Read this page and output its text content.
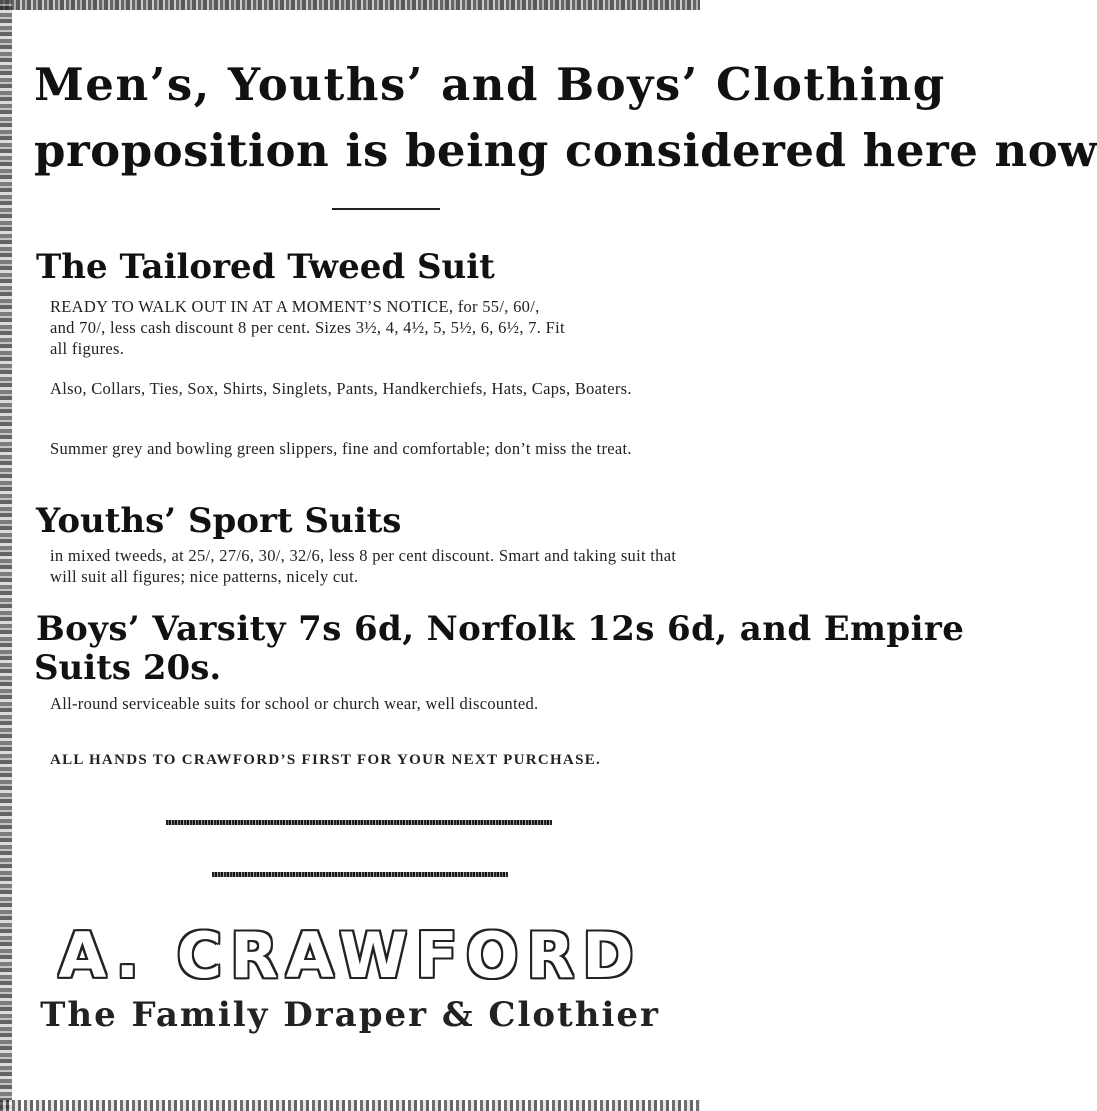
Men’s, Youths’ and Boys’ Clothing
proposition is being considered here now
The Tailored Tweed Suit
READY TO WALK OUT IN AT A MOMENT’S NOTICE, for 55/, 60/,
and 70/, less cash discount 8 per cent. Sizes 3½, 4, 4½, 5, 5½, 6, 6½, 7. Fit
all figures.
Also, Collars, Ties, Sox, Shirts, Singlets, Pants, Handkerchiefs, Hats, Caps, Boaters.
Summer grey and bowling green slippers, fine and comfortable; don’t miss the treat.
Youths’ Sport Suits
in mixed tweeds, at 25/, 27/6, 30/, 32/6, less 8 per cent discount. Smart and taking suit that will suit all figures; nice patterns, nicely cut.
Boys’ Varsity 7s 6d, Norfolk 12s 6d, and Empire
Suits 20s.
All-round serviceable suits for school or church wear, well discounted.
ALL HANDS TO CRAWFORD’S FIRST FOR YOUR NEXT PURCHASE.
A. CRAWFORD
The Family Draper & Clothier
